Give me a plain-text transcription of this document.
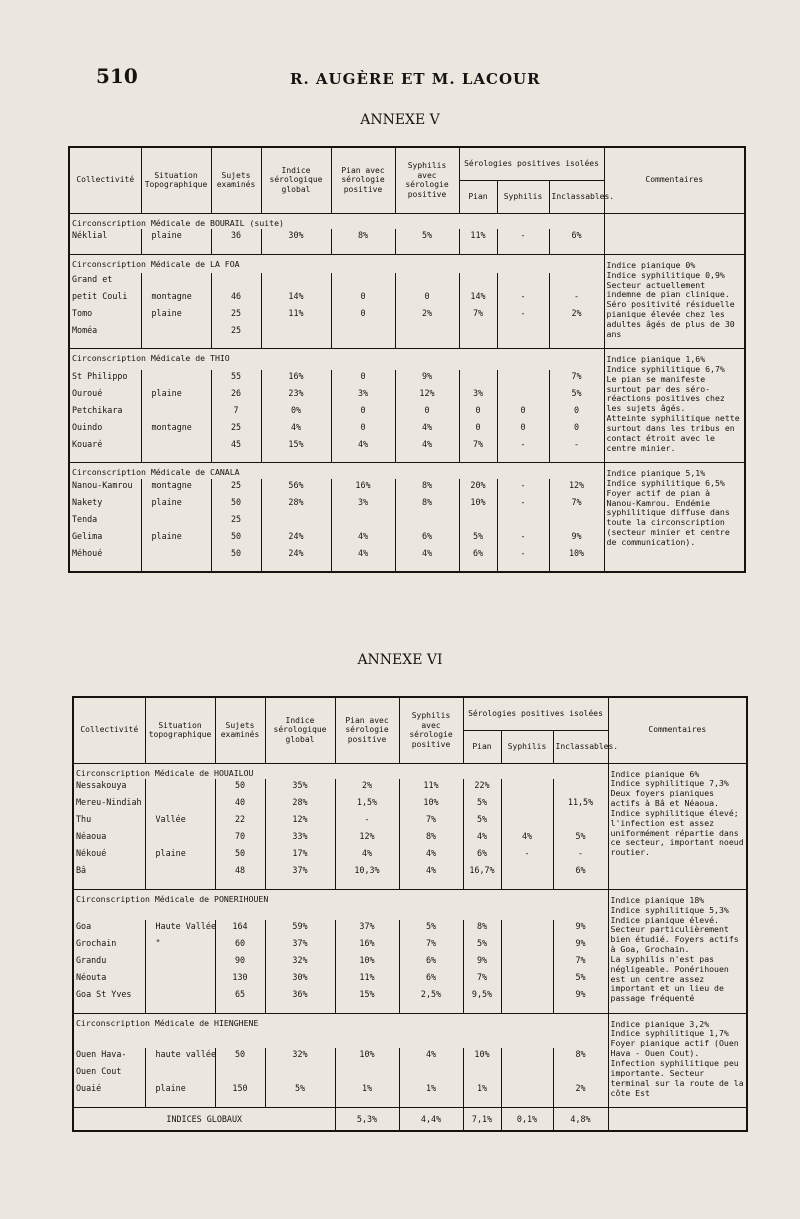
510	R. AUGÈRE ET M. LACOUR
ANNEXE V
Collectivité	Situation Topographique	Sujets examinés	Indice sérologique global	Pian avec sérologie positive	Syphilis avec sérologie positive	Sérologies positives isolées			Commentaires
						Pian	Syphilis	Inclassables.	
Circonscription Médicale de BOURAIL (suite)									
Néklial	plaine	36	30%	8%	5%	11%	-	6%	

Circonscription Médicale de LA FOA									Indice pianique 0%
Indice syphilitique 0,9%
Secteur actuellement indemne de pian clinique. Séro positivité résiduelle pianique élevée chez les adultes âgés de plus de 30 ans

Grand et									
petit Couli	montagne	46	14%	0	0	14%	-	-	
Tomo	plaine	25	11%	0	2%	7%	-	2%	
Moméa		25							

Circonscription Médicale de THIO									Indice pianique 1,6%
Indice syphilitique 6,7%
Le pian se manifeste surtout par des séro-réactions positives chez les sujets âgés.
Atteinte syphilitique nette surtout dans les tribus en contact étroit avec le centre minier.

St Philippo		55	16%	0	9%			7%	
Ouroué	plaine	26	23%	3%	12%	3%		5%	
Petchikara		7	0%	0	0	0	0	0	
Ouindo	montagne	25	4%	0	4%	0	0	0	
Kouaré		45	15%	4%	4%	7%	-	-	

Circonscription Médicale de CANALA									Indice pianique 5,1%
Indice syphilitique 6,5%
Foyer actif de pian à Nanou-Kamrou. Endémie syphilitique diffuse dans toute la circonscription (secteur minier et centre de communication).

Nanou-Kamrou	montagne	25	56%	16%	8%	20%	-	12%	
Nakety	plaine	50	28%	3%	8%	10%	-	7%	
Tenda		25							
Gelima	plaine	50	24%	4%	6%	5%	-	9%	
Méhoué		50	24%	4%	4%	6%	-	10%	

ANNEXE VI
Collectivité	Situation topographique	Sujets examinés	Indice sérologique global	Pian avec sérologie positive	Syphilis avec sérologie positive	Sérologies positives isolées			Commentaires
						Pian	Syphilis	Inclassables.	
Circonscription Médicale de HOUAILOU									Indice pianique 6%
Indice syphilitique 7,3%
Deux foyers pianiques actifs à Bâ et Néaoua.
Indice syphilitique élevé; l'infection est assez uniformément répartie dans ce secteur, important noeud routier.

Nessakouya		50	35%	2%	11%	22%			
Mereu-Nindiah		40	28%	1,5%	10%	5%		11,5%	
Thu	Vallée	22	12%	-	7%	5%			
Néaoua		70	33%	12%	8%	4%	4%	5%	
Nékoué	plaine	50	17%	4%	4%	6%	-	-	
Bâ		48	37%	10,3%	4%	16,7%		6%	

Circonscription Médicale de PONERIHOUEN									Indice pianique 18%
Indice syphilitique 5,3%
Indice pianique élevé. Secteur particulièrement bien étudié. Foyers actifs à Goa, Grochain.
La syphilis n'est pas négligeable. Ponérihouen est un centre assez important et un lieu de passage fréquenté

Goa	Haute Vallée	164	59%	37%	5%	8%		9%	
Grochain	"	60	37%	16%	7%	5%		9%	
Grandu		90	32%	10%	6%	9%		7%	
Néouta		130	30%	11%	6%	7%		5%	
Goa St Yves		65	36%	15%	2,5%	9,5%		9%	

Circonscription Médicale de HIENGHENE									Indice pianique 3,2%
Indice syphilitique 1,7%
Foyer pianique actif (Ouen Hava - Ouen Cout).
Infection syphilitique peu importante. Secteur terminal sur la route de la côte Est

Ouen Hava-	haute vallée	50	32%	10%	4%	10%		8%	
Ouen Cout									
Ouaié	plaine	150	5%	1%	1%	1%		2%	

INDICES GLOBAUX				5,3%	4,4%	7,1%	0,1%	4,8%	
